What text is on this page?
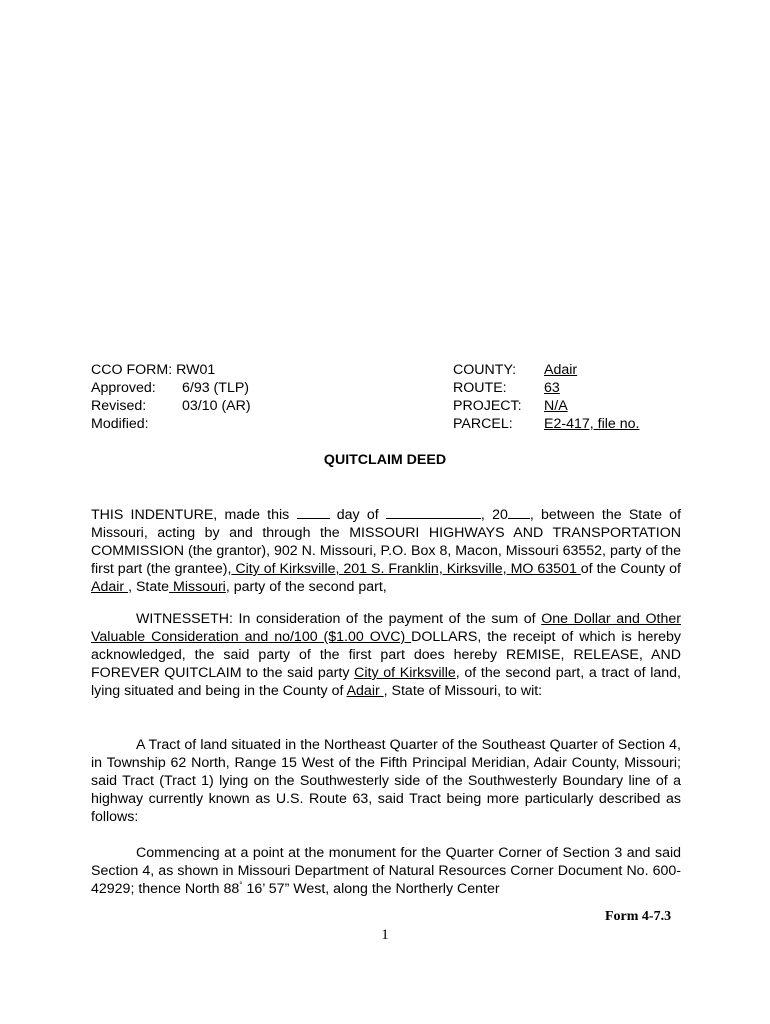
CCO FORM: RW01
Approved: 6/93 (TLP)
Revised:	03/10 (AR)
Modified:
COUNTY: Adair
ROUTE:	63
PROJECT: N/A
PARCEL: E2-417, file no.
QUITCLAIM DEED
THIS INDENTURE, made this	day of	, 20 , between the State of Missouri, acting by and through the MISSOURI HIGHWAYS AND TRANSPORTATION COMMISSION (the grantor), 902 N. Missouri, P.O. Box 8, Macon, Missouri 63552, party of the first part (the grantee), City of Kirksville, 201 S. Franklin, Kirksville, MO 63501 of the County of Adair , State Missouri, party of the second part,
WITNESSETH: In consideration of the payment of the sum of One Dollar and Other Valuable Consideration and no/100 ($1.00 OVC) DOLLARS, the receipt of which is hereby acknowledged, the said party of the first part does hereby REMISE, RELEASE, AND FOREVER QUITCLAIM to the said party City of Kirksville, of the second part, a tract of land, lying situated and being in the County of Adair , State of Missouri, to wit:
A Tract of land situated in the Northeast Quarter of the Southeast Quarter of Section 4, in Township 62 North, Range 15 West of the Fifth Principal Meridian, Adair County, Missouri; said Tract (Tract 1) lying on the Southwesterly side of the Southwesterly Boundary line of a highway currently known as U.S. Route 63, said Tract being more particularly described as follows:
Commencing at a point at the monument for the Quarter Corner of Section 3 and said Section 4, as shown in Missouri Department of Natural Resources Corner Document No. 600-42929; thence North 88° 16’ 57” West, along the Northerly Center
Form 4-7.3
1
